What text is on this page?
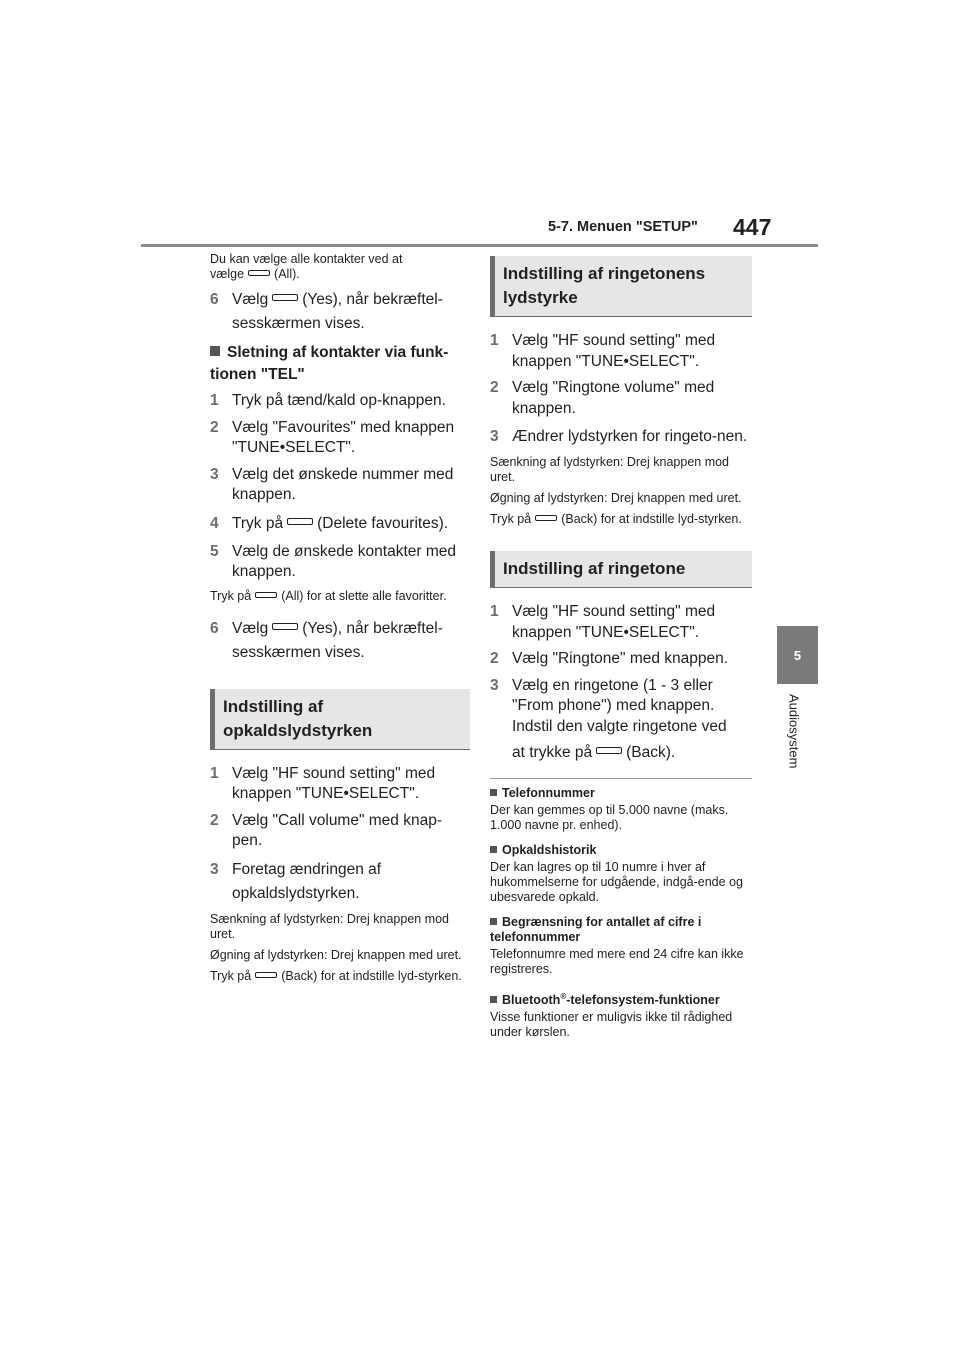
5-7. Menuen "SETUP" 447
5
Audiosystem

Du kan vælge alle kontakter ved at
vælge (All).

6 Vælg (Yes), når bekræftel-sesskærmen vises.
Sletning af kontakter via funk-tionen "TEL"
1 Tryk på tænd/kald op-knappen.
2 Vælg "Favourites" med knappen "TUNE•SELECT".
3 Vælg det ønskede nummer med knappen.
4 Tryk på (Delete favourites).
5 Vælg de ønskede kontakter med knappen.

Tryk på (All) for at slette alle favoritter.

6 Vælg (Yes), når bekræftel-sesskærmen vises.
Indstilling af opkaldslydstyrken
1 Vælg "HF sound setting" med knappen "TUNE•SELECT".
2 Vælg "Call volume" med knap-pen.
3 Foretag ændringen af opkaldslydstyrken.

Sænkning af lydstyrken: Drej knappen mod uret.

Øgning af lydstyrken: Drej knappen med uret.

Tryk på (Back) for at indstille lyd-styrken.

Indstilling af ringetonens lydstyrke
1 Vælg "HF sound setting" med knappen "TUNE•SELECT".
2 Vælg "Ringtone volume" med knappen.
3 Ændrer lydstyrken for ringeto-nen.

Sænkning af lydstyrken: Drej knappen mod uret.

Øgning af lydstyrken: Drej knappen med uret.

Tryk på (Back) for at indstille lyd-styrken.

Indstilling af ringetone
1 Vælg "HF sound setting" med knappen "TUNE•SELECT".
2 Vælg "Ringtone" med knappen.
3 Vælg en ringetone (1 - 3 eller "From phone") med knappen. Indstil den valgte ringetone ved
at trykke på (Back).
Telefonnummer

Der kan gemmes op til 5.000 navne (maks. 1.000 navne pr. enhed).

Opkaldshistorik

Der kan lagres op til 10 numre i hver af hukommelserne for udgående, indgå-ende og ubesvarede opkald.

Begrænsning for antallet af cifre i telefonnummer

Telefonnumre med mere end 24 cifre kan ikke registreres.

Bluetooth®-telefonsystem-funktioner

Visse funktioner er muligvis ikke til rådighed under kørslen.
